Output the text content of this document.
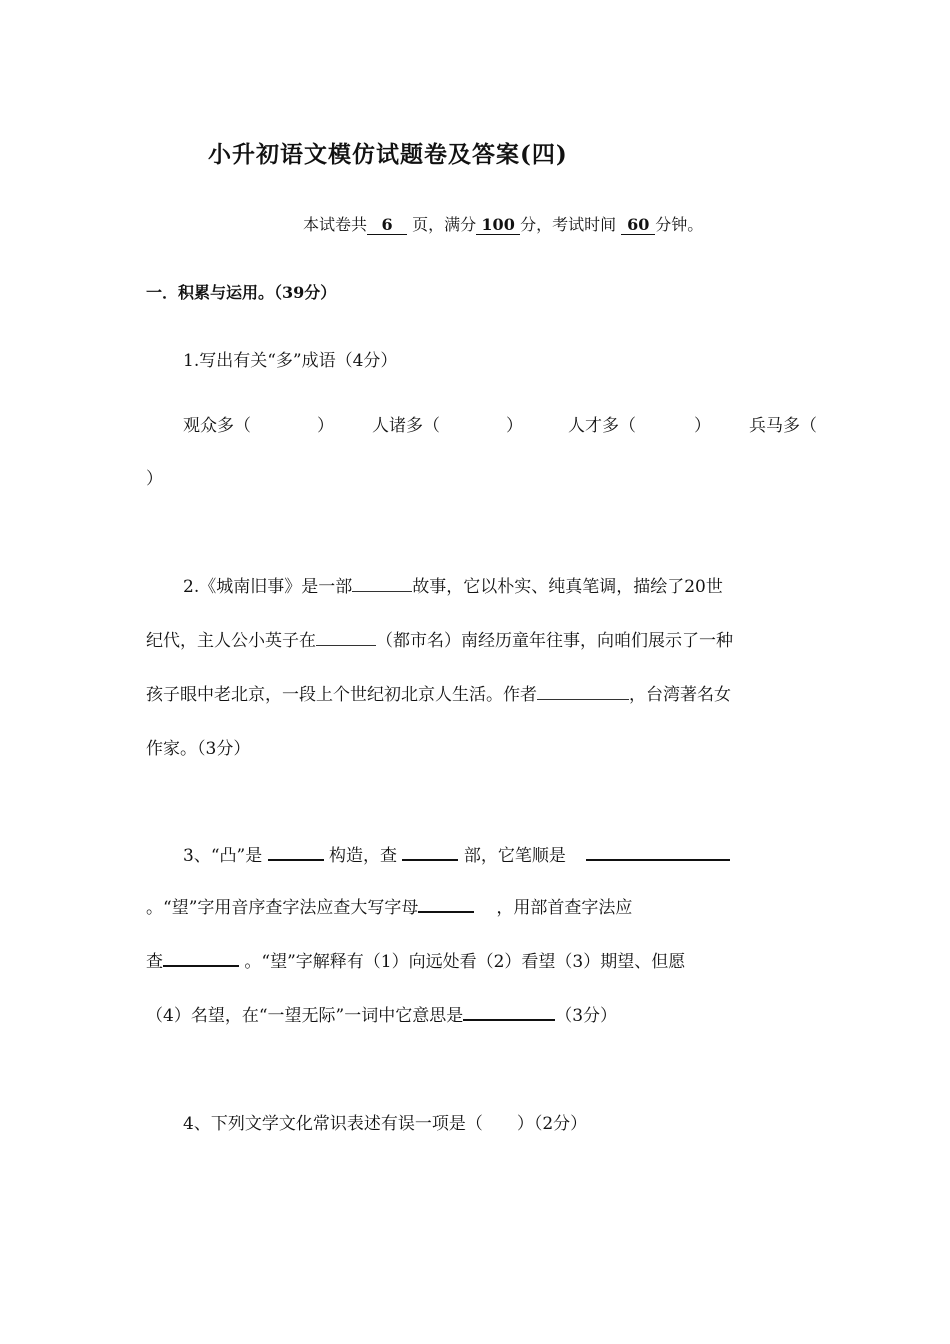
小升初语文模仿试题卷及答案(四)
本试卷共 6 页，满分 100 分，考试时间 60 分钟。
一．积累与运用。（39分）
1.写出有关“多”成语（4分）
观众多（	） 人诸多（	）	人才多（	） 兵马多（
）
2.《城南旧事》是一部	故事，它以朴实、纯真笔调，描绘了20世
纪代，主人公小英子在	（都市名）南经历童年往事，向咱们展示了一种
孩子眼中老北京，一段上个世纪初北京人生活。作者	，台湾著名女
作家。（3分）
3、“凸”是	构造，查	部，它笔顺是
。“望”字用音序查字法应查大写字母	，用部首查字法应
查	。“望”字解释有（1）向远处看（2）看望（3）期望、但愿
（4）名望，在“一望无际”一词中它意思是	（3分）
4、下列文学文化常识表述有误一项是（　　）（2分）
